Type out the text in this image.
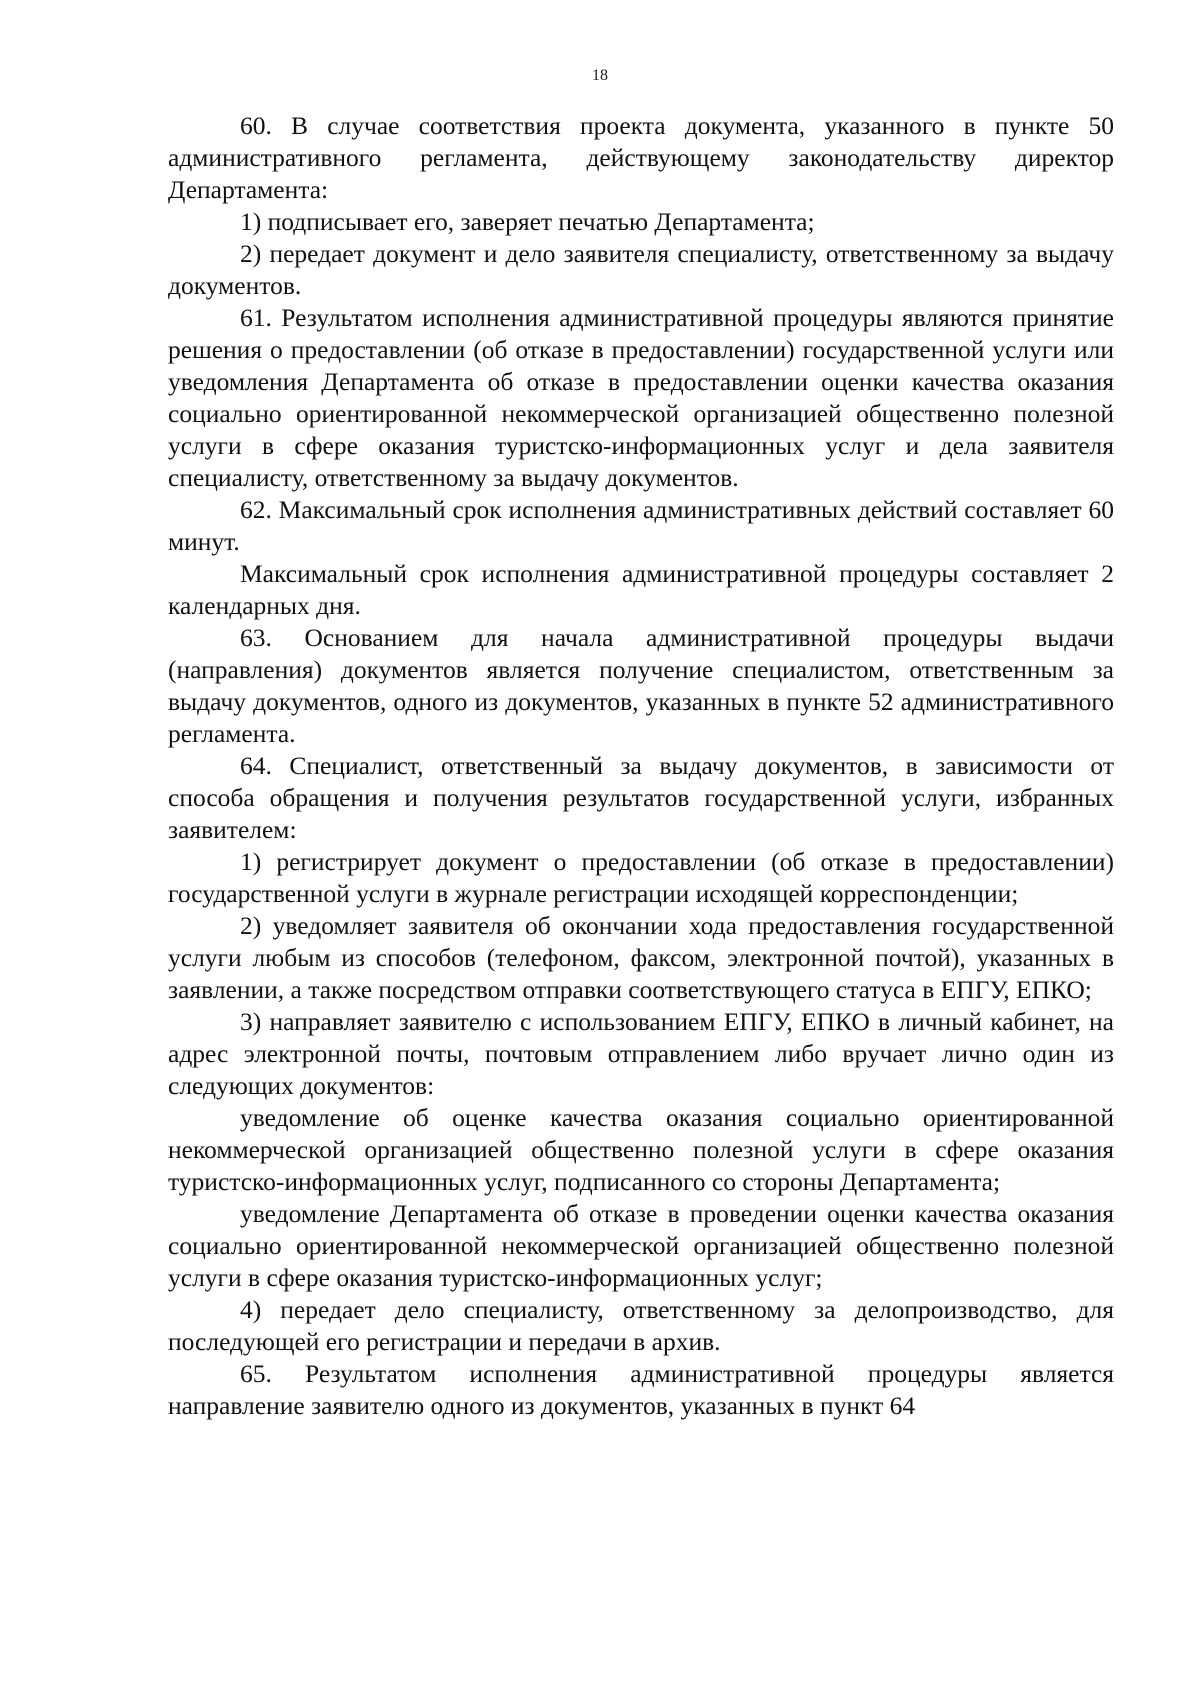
18

60. В случае соответствия проекта документа, указанного в пункте 50 административного регламента, действующему законодательству директор Департамента:

1) подписывает его, заверяет печатью Департамента;

2) передает документ и дело заявителя специалисту, ответственному за выдачу документов.

61. Результатом исполнения административной процедуры являются принятие решения о предоставлении (об отказе в предоставлении) государственной услуги или уведомления Департамента об отказе в предоставлении оценки качества оказания социально ориентированной некоммерческой организацией общественно полезной услуги в сфере оказания туристско-информационных услуг и дела заявителя специалисту, ответственному за выдачу документов.

62. Максимальный срок исполнения административных действий составляет 60 минут.

Максимальный срок исполнения административной процедуры составляет 2 календарных дня.

63. Основанием для начала административной процедуры выдачи (направления) документов является получение специалистом, ответственным за выдачу документов, одного из документов, указанных в пункте 52 административного регламента.

64. Специалист, ответственный за выдачу документов, в зависимости от способа обращения и получения результатов государственной услуги, избранных заявителем:

1) регистрирует документ о предоставлении (об отказе в предоставлении) государственной услуги в журнале регистрации исходящей корреспонденции;

2) уведомляет заявителя об окончании хода предоставления государственной услуги любым из способов (телефоном, факсом, электронной почтой), указанных в заявлении, а также посредством отправки соответствующего статуса в ЕПГУ, ЕПКО;

3) направляет заявителю с использованием ЕПГУ, ЕПКО в личный кабинет, на адрес электронной почты, почтовым отправлением либо вручает лично один из следующих документов:

уведомление об оценке качества оказания социально ориентированной некоммерческой организацией общественно полезной услуги в сфере оказания туристско-информационных услуг, подписанного со стороны Департамента;

уведомление Департамента об отказе в проведении оценки качества оказания социально ориентированной некоммерческой организацией общественно полезной услуги в сфере оказания туристско-информационных услуг;

4) передает дело специалисту, ответственному за делопроизводство, для последующей его регистрации и передачи в архив.

65. Результатом исполнения административной процедуры является направление заявителю одного из документов, указанных в пункт 64
